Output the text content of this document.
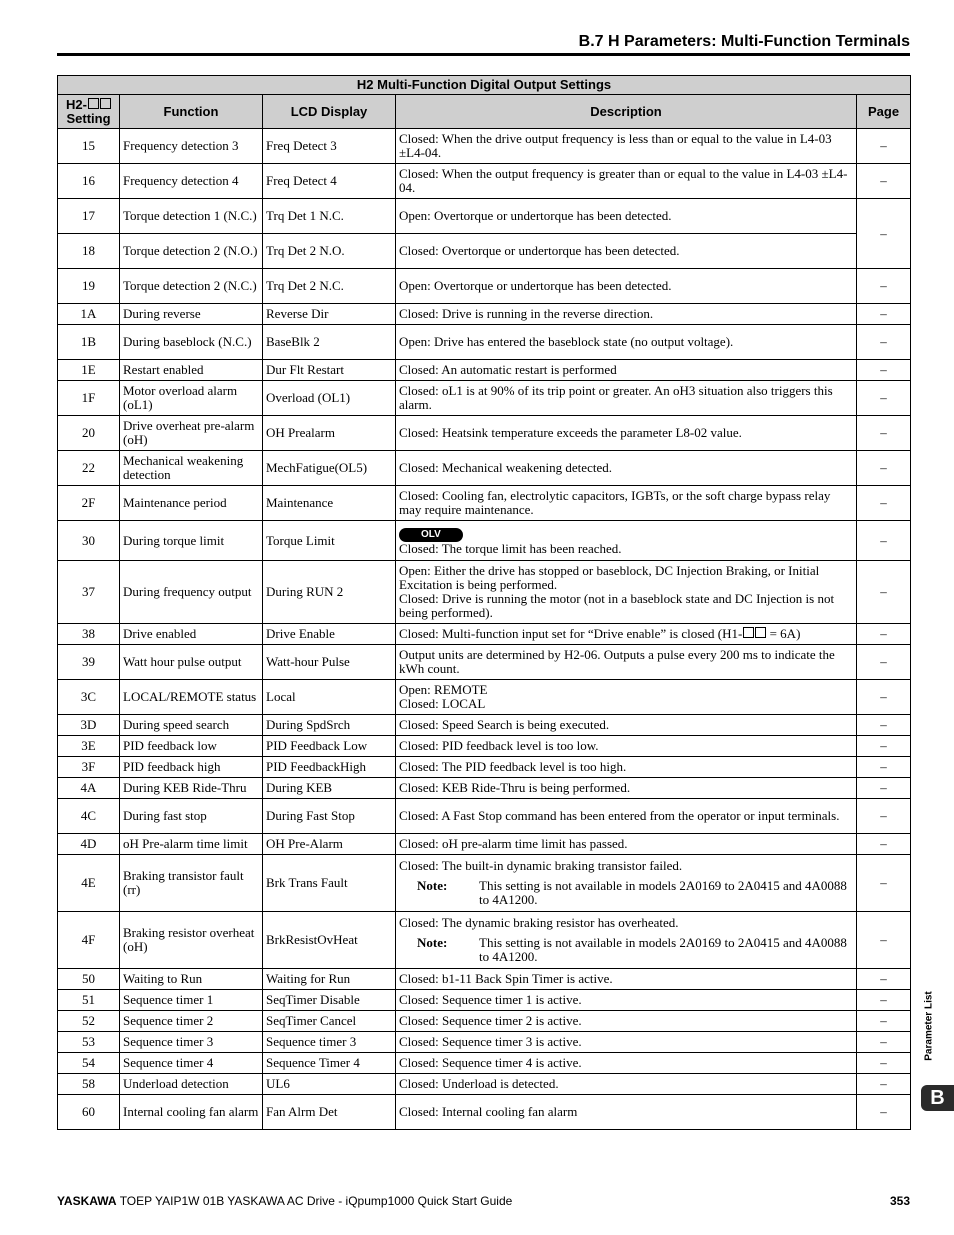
B.7 H Parameters: Multi-Function Terminals
H2 Multi-Function Digital Output Settings				
H2-
Setting	Function	LCD Display	Description	Page
15	Frequency detection 3	Freq Detect 3	Closed: When the drive output frequency is less than or equal to the value in L4-03 ±L4-04.	–
16	Frequency detection 4	Freq Detect 4	Closed: When the output frequency is greater than or equal to the value in L4-03 ±L4-04.	–
17	Torque detection 1 (N.C.)	Trq Det 1 N.C.	Open: Overtorque or undertorque has been detected.	–
18	Torque detection 2 (N.O.)	Trq Det 2 N.O.	Closed: Overtorque or undertorque has been detected.	
19	Torque detection 2 (N.C.)	Trq Det 2 N.C.	Open: Overtorque or undertorque has been detected.	–
1A	During reverse	Reverse Dir	Closed: Drive is running in the reverse direction.	–
1B	During baseblock (N.C.)	BaseBlk 2	Open: Drive has entered the baseblock state (no output voltage).	–
1E	Restart enabled	Dur Flt Restart	Closed: An automatic restart is performed	–
1F	Motor overload alarm (oL1)	Overload (OL1)	Closed: oL1 is at 90% of its trip point or greater. An oH3 situation also triggers this alarm.	–
20	Drive overheat pre-alarm (oH)	OH Prealarm	Closed: Heatsink temperature exceeds the parameter L8-02 value.	–
22	Mechanical weakening detection	MechFatigue(OL5)	Closed: Mechanical weakening detected.	–
2F	Maintenance period	Maintenance	Closed: Cooling fan, electrolytic capacitors, IGBTs, or the soft charge bypass relay may require maintenance.	–
30	During torque limit	Torque Limit	OLV
Closed: The torque limit has been reached.	–
37	During frequency output	During RUN 2	Open: Either the drive has stopped or baseblock, DC Injection Braking, or Initial Excitation is being performed.
Closed: Drive is running the motor (not in a baseblock state and DC Injection is not being performed).	–
38	Drive enabled	Drive Enable	Closed: Multi-function input set for “Drive enable” is closed (H1- = 6A)	–
39	Watt hour pulse output	Watt-hour Pulse	Output units are determined by H2-06. Outputs a pulse every 200 ms to indicate the kWh count.	–
3C	LOCAL/REMOTE status	Local	Open: REMOTE
Closed: LOCAL	–
3D	During speed search	During SpdSrch	Closed: Speed Search is being executed.	–
3E	PID feedback low	PID Feedback Low	Closed: PID feedback level is too low.	–
3F	PID feedback high	PID FeedbackHigh	Closed: The PID feedback level is too high.	–
4A	During KEB Ride-Thru	During KEB	Closed: KEB Ride-Thru is being performed.	–
4C	During fast stop	During Fast Stop	Closed: A Fast Stop command has been entered from the operator or input terminals.	–
4D	oH Pre-alarm time limit	OH Pre-Alarm	Closed: oH pre-alarm time limit has passed.	–
4E	Braking transistor fault (rr)	Brk Trans Fault	Closed: The built-in dynamic braking transistor failed.
Note: This setting is not available in models 2A0169 to 2A0415 and 4A0088 to 4A1200.	–
4F	Braking resistor overheat (oH)	BrkResistOvHeat	Closed: The dynamic braking resistor has overheated.
Note: This setting is not available in models 2A0169 to 2A0415 and 4A0088 to 4A1200.	–
50	Waiting to Run	Waiting for Run	Closed: b1-11 Back Spin Timer is active.	–
51	Sequence timer 1	SeqTimer Disable	Closed: Sequence timer 1 is active.	–
52	Sequence timer 2	SeqTimer Cancel	Closed: Sequence timer 2 is active.	–
53	Sequence timer 3	Sequence timer 3	Closed: Sequence timer 3 is active.	–
54	Sequence timer 4	Sequence Timer 4	Closed: Sequence timer 4 is active.	–
58	Underload detection	UL6	Closed: Underload is detected.	–
60	Internal cooling fan alarm	Fan Alrm Det	Closed: Internal cooling fan alarm	–
Parameter List
B
YASKAWA TOEP YAIP1W 01B YASKAWA AC Drive - iQpump1000 Quick Start Guide	353
